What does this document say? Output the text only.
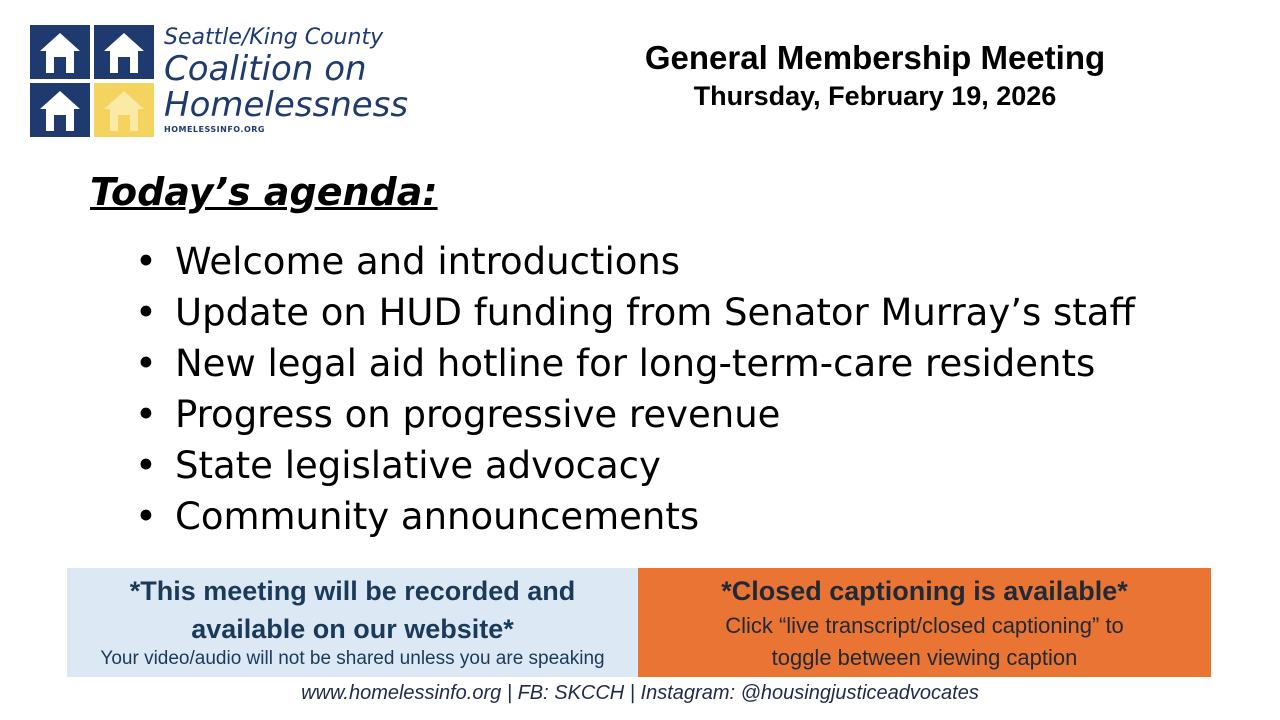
Seattle/King County
Coalition on
Homelessness
HOMELESSINFO.ORG
General Membership Meeting
Thursday, February 19, 2026
Today’s agenda:
• Welcome and introductions
• Update on HUD funding from Senator Murray’s staff
• New legal aid hotline for long-term-care residents
• Progress on progressive revenue
• State legislative advocacy
• Community announcements
*This meeting will be recorded and
available on our website*
Your video/audio will not be shared unless you are speaking
*Closed captioning is available*
Click “live transcript/closed captioning” to
toggle between viewing caption
www.homelessinfo.org | FB: SKCCH | Instagram: @housingjusticeadvocates
